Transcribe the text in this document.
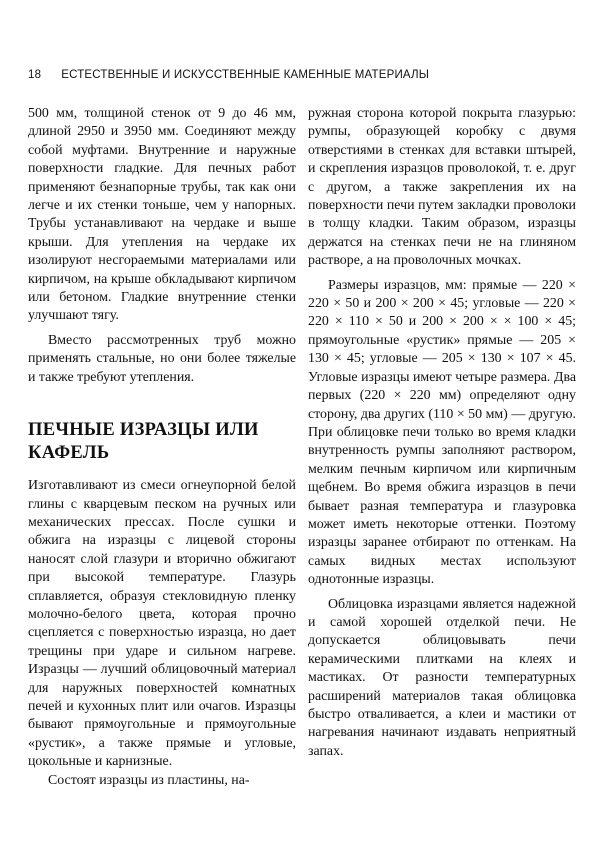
18 ЕСТЕСТВЕННЫЕ И ИСКУССТВЕННЫЕ КАМЕННЫЕ МАТЕРИАЛЫ

500 мм, толщиной стенок от 9 до 46 мм, длиной 2950 и 3950 мм. Соединяют между собой муфтами. Внутренние и наружные поверхности гладкие. Для печных работ применяют безнапорные трубы, так как они легче и их стенки тоньше, чем у напорных. Трубы устанавливают на чердаке и выше крыши. Для утепления на чердаке их изолируют несгораемыми материалами или кирпичом, на крыше обкладывают кирпичом или бетоном. Гладкие внутренние стенки улучшают тягу.

Вместо рассмотренных труб можно применять стальные, но они более тяжелые и также требуют утепления.

ПЕЧНЫЕ ИЗРАЗЦЫ ИЛИ КАФЕЛЬ

Изготавливают из смеси огнеупорной белой глины с кварцевым песком на ручных или механических прессах. После сушки и обжига на изразцы с лицевой стороны наносят слой глазури и вторично обжигают при высокой температуре. Глазурь сплавляется, образуя стекловидную пленку молочно-белого цвета, которая прочно сцепляется с поверхностью изразца, но дает трещины при ударе и сильном нагреве. Изразцы — лучший облицовочный материал для наружных поверхностей комнатных печей и кухонных плит или очагов. Изразцы бывают прямоугольные и прямоугольные «рустик», а также прямые и угловые, цокольные и карнизные.

Состоят изразцы из пластины, на-

ружная сторона которой покрыта глазурью: румпы, образующей коробку с двумя отверстиями в стенках для вставки штырей, и скрепления изразцов проволокой, т. е. друг с другом, а также закрепления их на поверхности печи путем закладки проволоки в толщу кладки. Таким образом, изразцы держатся на стенках печи не на глиняном растворе, а на проволочных мочках.

Размеры изразцов, мм: прямые — 220 × 220 × 50 и 200 × 200 × 45; угловые — 220 × 220 × 110 × 50 и 200 × 200 × × 100 × 45; прямоугольные «рустик» прямые — 205 × 130 × 45; угловые — 205 × 130 × 107 × 45. Угловые изразцы имеют четыре размера. Два первых (220 × 220 мм) определяют одну сторону, два других (110 × 50 мм) — другую. При облицовке печи только во время кладки внутренность румпы заполняют раствором, мелким печным кирпичом или кирпичным щебнем. Во время обжига изразцов в печи бывает разная температура и глазуровка может иметь некоторые оттенки. Поэтому изразцы заранее отбирают по оттенкам. На самых видных местах используют однотонные изразцы.

Облицовка изразцами является надежной и самой хорошей отделкой печи. Не допускается облицовывать печи керамическими плитками на клеях и мастиках. От разности температурных расширений материалов такая облицовка быстро отваливается, а клеи и мастики от нагревания начинают издавать неприятный запах.
